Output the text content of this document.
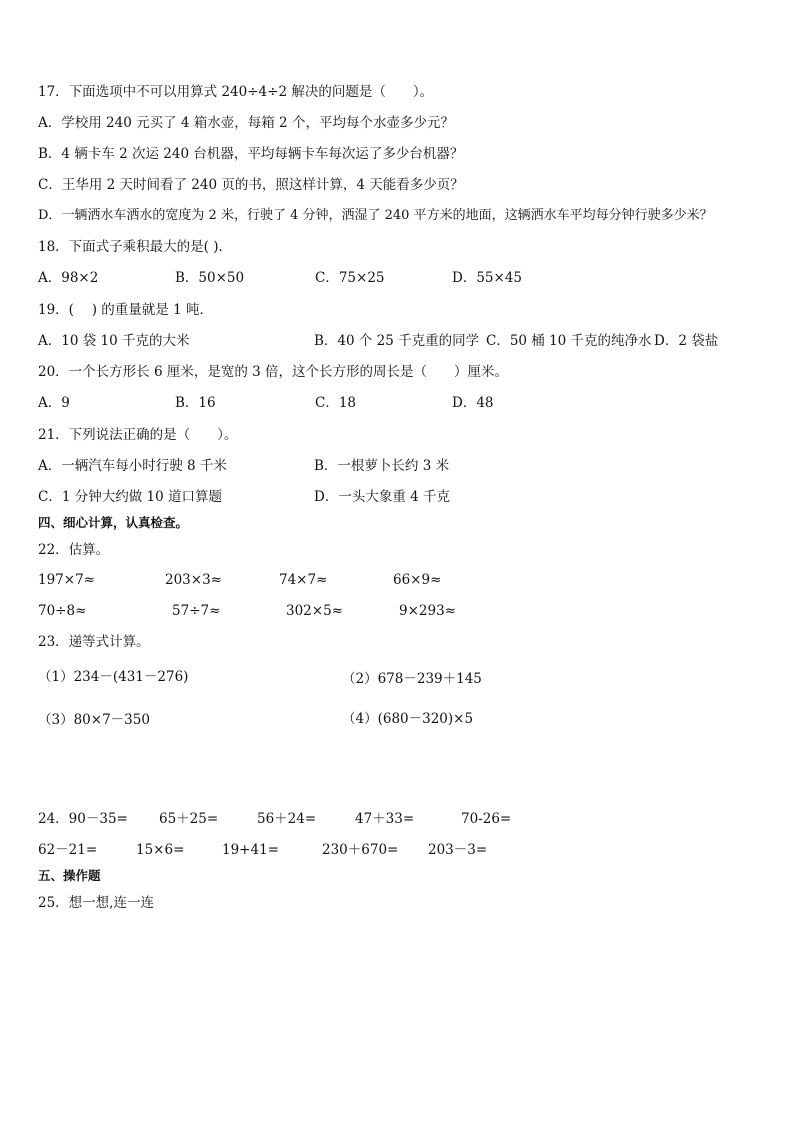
17．下面选项中不可以用算式 240÷4÷2 解决的问题是（　　）。
A．学校用 240 元买了 4 箱水壶，每箱 2 个，平均每个水壶多少元？
B．4 辆卡车 2 次运 240 台机器，平均每辆卡车每次运了多少台机器？
C．王华用 2 天时间看了 240 页的书，照这样计算，4 天能看多少页？
D．一辆洒水车洒水的宽度为 2 米，行驶了 4 分钟，洒湿了 240 平方米的地面，这辆洒水车平均每分钟行驶多少米？
18．下面式子乘积最大的是( ).
A．98×2	B．50×50	C．75×25	D．55×45
19．(　 ) 的重量就是 1 吨．
A．10 袋 10 千克的大米	B．40 个 25 千克重的同学 C．50 桶 10 千克的纯净水 D．2 袋盐
20．一个长方形长 6 厘米，是宽的 3 倍，这个长方形的周长是（　　）厘米。
A．9	B．16	C．18	D．48
21．下列说法正确的是（　　）。
A．一辆汽车每小时行驶 8 千米	B．一根萝卜长约 3 米
C．1 分钟大约做 10 道口算题	D．一头大象重 4 千克
四、细心计算，认真检查。
22．估算。
197×7≈	203×3≈	74×7≈	66×9≈
70÷8≈	57÷7≈	302×5≈	9×293≈
23．递等式计算。
（1）234－(431－276)	（2）678－239＋145
（3）80×7－350	（4）(680－320)×5
24．90－35= 65＋25=	56＋24=	47＋33=	70-26=
62－21=	15×6=	19+41=	230＋670= 203－3=
五、操作题
25．想一想,连一连
